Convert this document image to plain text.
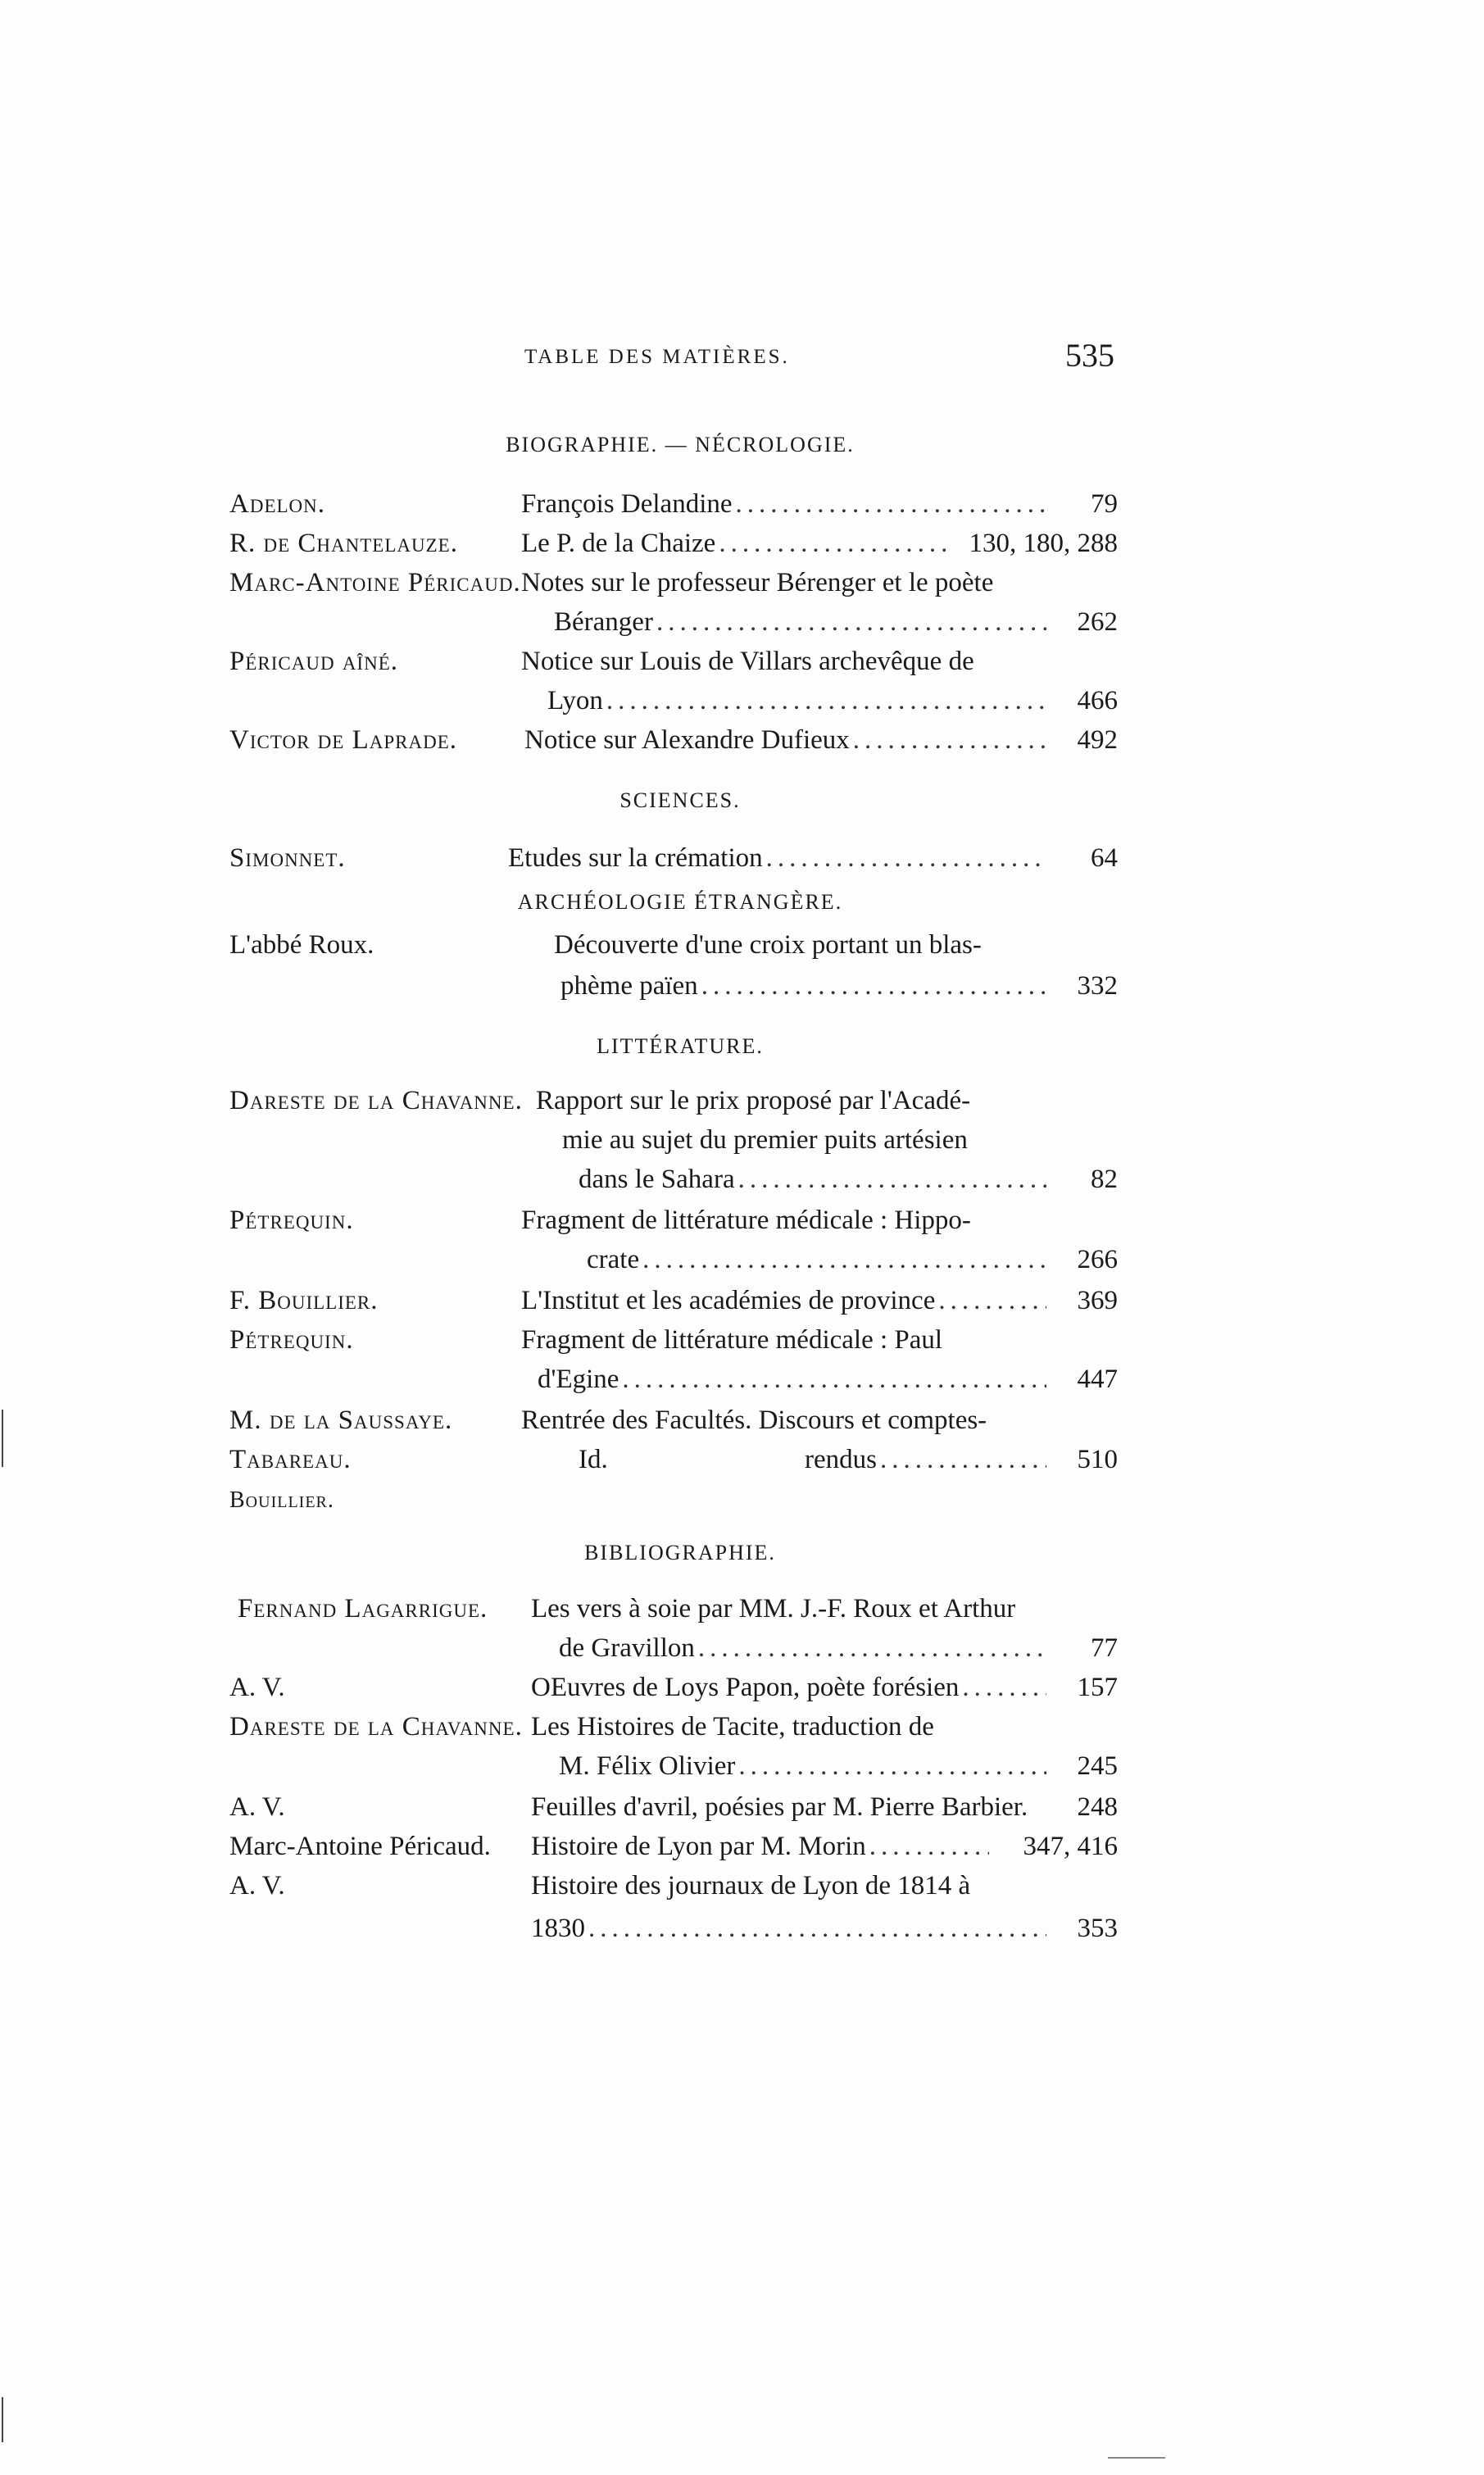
TABLE DES MATIÈRES.	535
BIOGRAPHIE. — NÉCROLOGIE.
Adelon.	François Delandine .....	79
R. de Chantelauze. Le P. de la Chaize .....	130, 180, 288
Marc-Antoine Péricaud. Notes sur le professeur Bérenger et le poète
Béranger .....	262
Péricaud aîné.	Notice sur Louis de Villars archevêque de
Lyon .....	466
Victor de Laprade. Notice sur Alexandre Dufieux .....	492
SCIENCES.
Simonnet.	Etudes sur la crémation .....	64
ARCHÉOLOGIE ÉTRANGÈRE.
L'abbé Roux.	Découverte d'une croix portant un blas-
phème païen .....	332
LITTÉRATURE.
Dareste de la Chavanne. Rapport sur le prix proposé par l'Acadé-
mie au sujet du premier puits artésien
dans le Sahara .....	82
Pétrequin.	Fragment de littérature médicale : Hippo-
crate .....	266
F. Bouillier.	L'Institut et les académies de province .....	369
Pétrequin.	Fragment de littérature médicale : Paul
d'Egine .....	447
M. de la Saussaye.	Rentrée des Facultés. Discours et comptes-
Tabareau.	Id.	rendus .....	510
Bouillier.
BIBLIOGRAPHIE.
Fernand Lagarrigue. Les vers à soie par MM. J.-F. Roux et Arthur
de Gravillon .....	77
A. V.	OEuvres de Loys Papon, poète forésien .....	157
Dareste de la Chavanne. Les Histoires de Tacite, traduction de
M. Félix Olivier .....	245
A. V.	Feuilles d'avril, poésies par M. Pierre Barbier. 248
Marc-Antoine Péricaud. Histoire de Lyon par M. Morin .....	347, 416
A. V.	Histoire des journaux de Lyon de 1814 à
1830 .....	353
